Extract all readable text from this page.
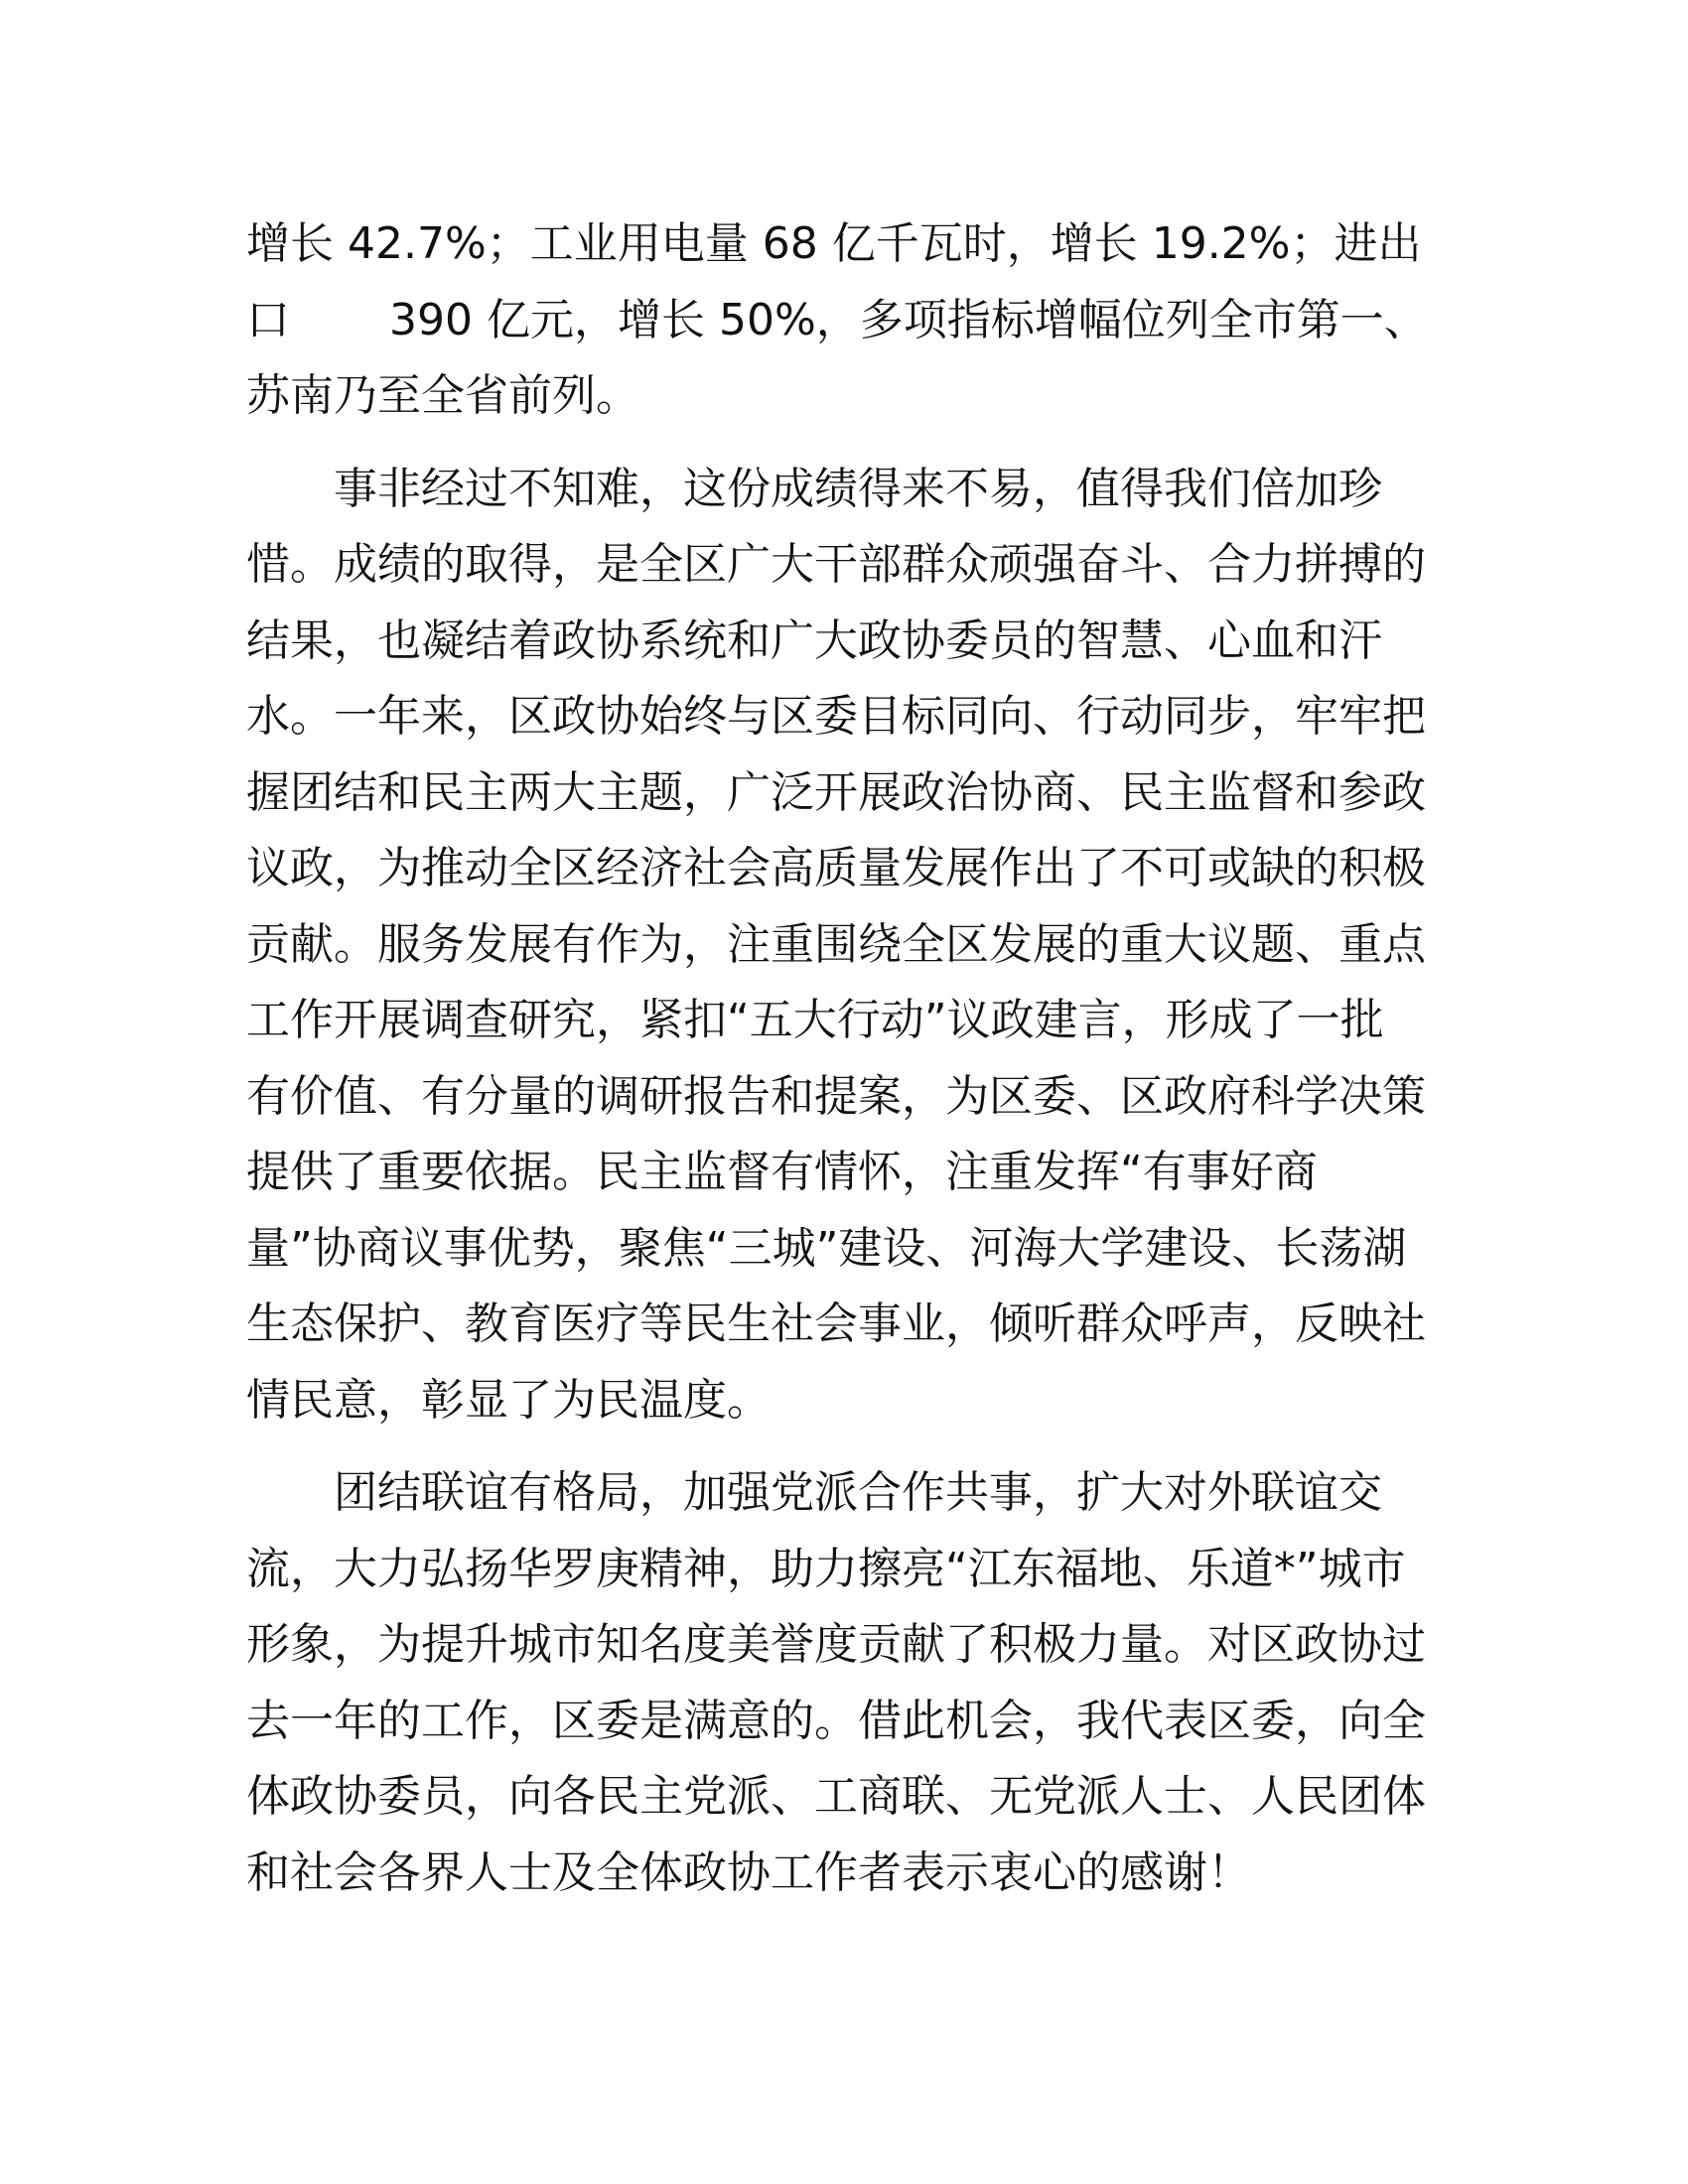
增长 42.7%；工业用电量 68 亿千瓦时，增长 19.2%；进出
口 390 亿元，增长 50%，多项指标增幅位列全市第一、
苏南乃至全省前列。

事非经过不知难，这份成绩得来不易，值得我们倍加珍
惜。成绩的取得，是全区广大干部群众顽强奋斗、合力拼搏的
结果，也凝结着政协系统和广大政协委员的智慧、心血和汗
水。一年来，区政协始终与区委目标同向、行动同步，牢牢把
握团结和民主两大主题，广泛开展政治协商、民主监督和参政
议政，为推动全区经济社会高质量发展作出了不可或缺的积极
贡献。服务发展有作为，注重围绕全区发展的重大议题、重点
工作开展调查研究，紧扣“五大行动”议政建言，形成了一批
有价值、有分量的调研报告和提案，为区委、区政府科学决策
提供了重要依据。民主监督有情怀，注重发挥“有事好商
量”协商议事优势，聚焦“三城”建设、河海大学建设、长荡湖
生态保护、教育医疗等民生社会事业，倾听群众呼声，反映社
情民意，彰显了为民温度。

团结联谊有格局，加强党派合作共事，扩大对外联谊交
流，大力弘扬华罗庚精神，助力擦亮“江东福地、乐道*”城市
形象，为提升城市知名度美誉度贡献了积极力量。对区政协过
去一年的工作，区委是满意的。借此机会，我代表区委，向全
体政协委员，向各民主党派、工商联、无党派人士、人民团体
和社会各界人士及全体政协工作者表示衷心的感谢！
